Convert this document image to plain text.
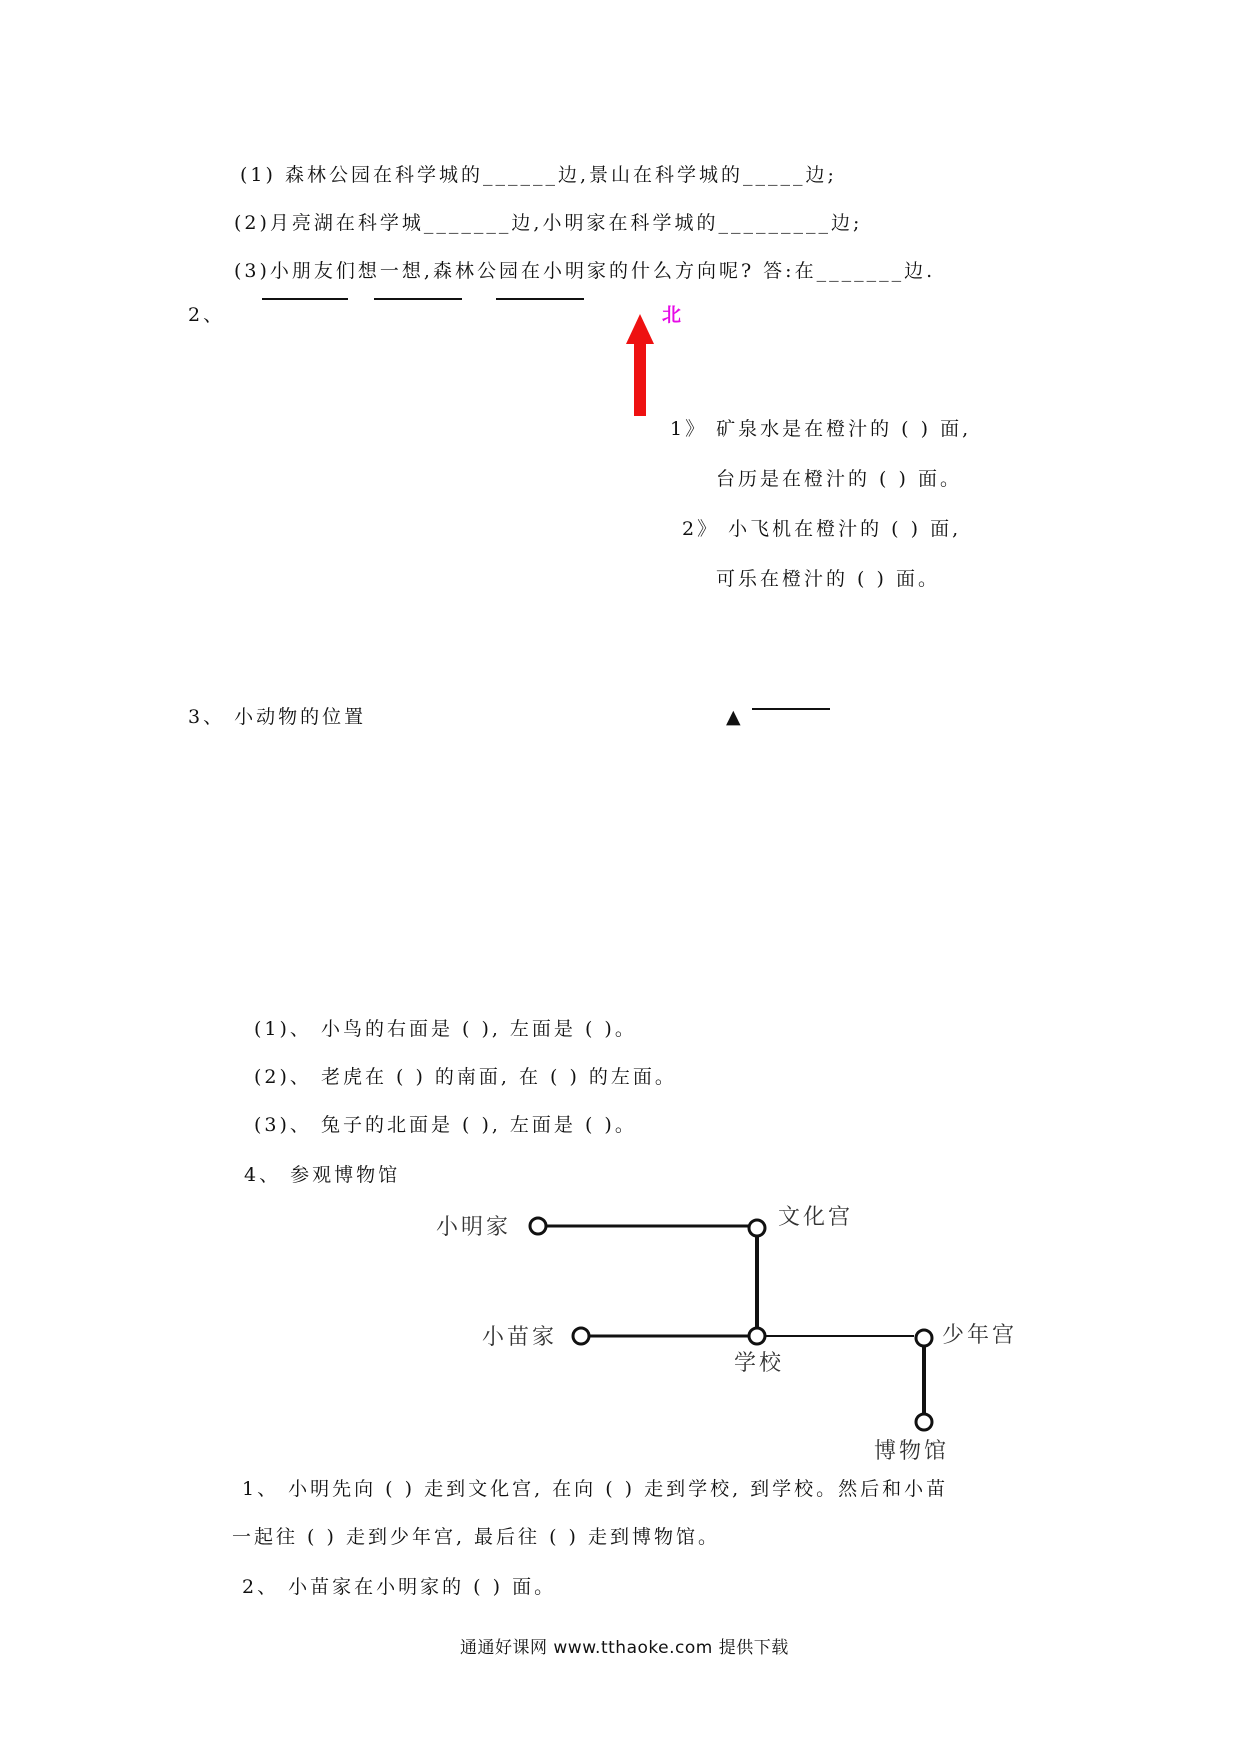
(1) 森林公园在科学城的______边,景山在科学城的_____边;
(2)月亮湖在科学城_______边,小明家在科学城的_________边;
(3)小朋友们想一想,森林公园在小明家的什么方向呢? 答:在_______边.
2、	北
1》 矿泉水是在橙汁的 ( ) 面,
台历是在橙汁的 ( ) 面。
2》 小飞机在橙汁的 ( ) 面,
可乐在橙汁的 ( ) 面。
3、 小动物的位置	▲
(1)、 小鸟的右面是 ( ), 左面是 ( )。
(2)、 老虎在 ( ) 的南面, 在 ( ) 的左面。
(3)、 兔子的北面是 ( ), 左面是 ( )。
4、 参观博物馆
小明家	文化宫
小苗家
学校
少年宫
博物馆
1、 小明先向 ( ) 走到文化宫, 在向 ( ) 走到学校, 到学校。然后和小苗
一起往 ( ) 走到少年宫, 最后往 ( ) 走到博物馆。
2、 小苗家在小明家的 ( ) 面。
通通好课网 www.tthaoke.com 提供下载
